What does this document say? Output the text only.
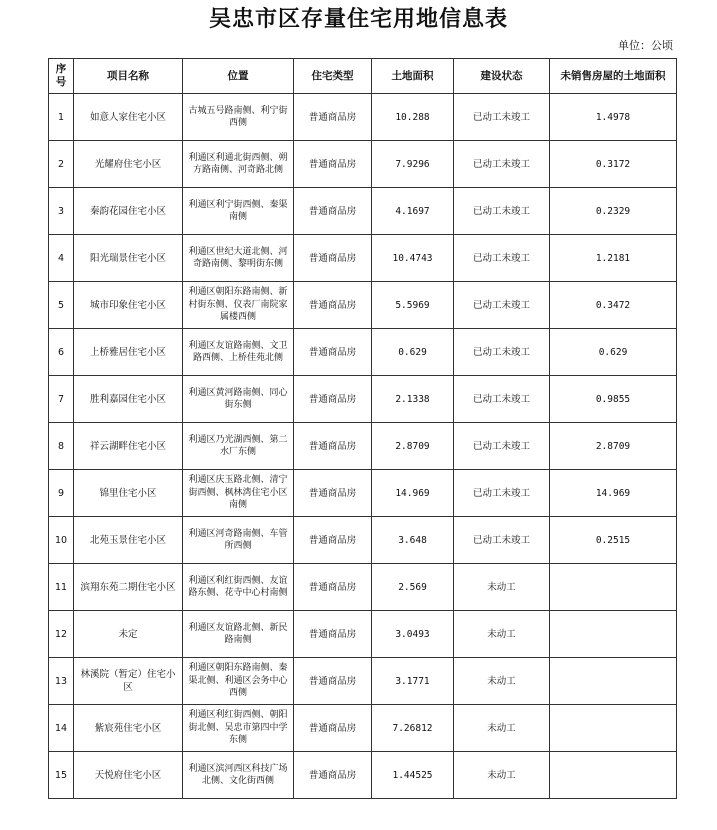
吴忠市区存量住宅用地信息表
单位：公顷
序号	项目名称	位置	住宅类型	土地面积	建设状态	未销售房屋的土地面积
1	如意人家住宅小区	古城五号路南侧、利宁街西侧	普通商品房	10.288	已动工未竣工	1.4978
2	光耀府住宅小区	利通区利通北街西侧、朔方路南侧、河奇路北侧	普通商品房	7.9296	已动工未竣工	0.3172
3	秦韵花园住宅小区	利通区利宁街西侧、秦渠南侧	普通商品房	4.1697	已动工未竣工	0.2329
4	阳光瑞景住宅小区	利通区世纪大道北侧、河奇路南侧、黎明街东侧	普通商品房	10.4743	已动工未竣工	1.2181
5	城市印象住宅小区	利通区朝阳东路南侧、新村街东侧、仪表厂南院家属楼西侧	普通商品房	5.5969	已动工未竣工	0.3472
6	上桥雅居住宅小区	利通区友谊路南侧、文卫路西侧、上桥佳苑北侧	普通商品房	0.629	已动工未竣工	0.629
7	胜利嘉园住宅小区	利通区黄河路南侧、同心街东侧	普通商品房	2.1338	已动工未竣工	0.9855
8	祥云湖畔住宅小区	利通区乃光湖西侧、第二水厂东侧	普通商品房	2.8709	已动工未竣工	2.8709
9	锦里住宅小区	利通区庆玉路北侧、清宁街西侧、枫林湾住宅小区南侧	普通商品房	14.969	已动工未竣工	14.969
10	北苑玉景住宅小区	利通区河奇路南侧、车管所西侧	普通商品房	3.648	已动工未竣工	0.2515
11	滨翔东苑二期住宅小区	利通区利红街西侧、友谊路东侧、花寺中心村南侧	普通商品房	2.569	未动工	
12	未定	利通区友谊路北侧、新民路南侧	普通商品房	3.0493	未动工	
13	林溪院（暂定）住宅小区	利通区朝阳东路南侧、秦渠北侧、利通区会务中心西侧	普通商品房	3.1771	未动工	
14	紫宸苑住宅小区	利通区利红街西侧、朝阳街北侧、吴忠市第四中学东侧	普通商品房	7.26812	未动工	
15	天悦府住宅小区	利通区滨河西区科技广场北侧、文化街西侧	普通商品房	1.44525	未动工	
